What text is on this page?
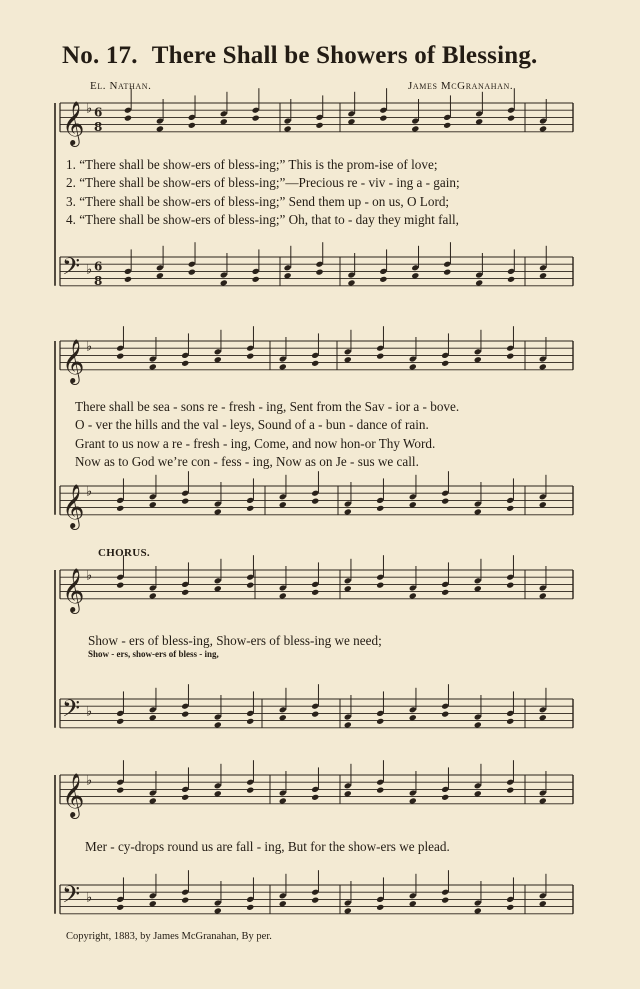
No. 17. There Shall be Showers of Blessing.
El. Nathan.	James McGranahan.
𝄞 ♭ 6
8
𝄢 ♭ 6
8
𝄞 ♭
𝄞 ♭
𝄞 ♭
𝄢 ♭
𝄞 ♭
𝄢 ♭
1. “There shall be show-ers of bless-ing;” This is the prom-ise of love;
2. “There shall be show-ers of bless-ing;”—Precious re - viv - ing a - gain;
3. “There shall be show-ers of bless-ing;” Send them up - on us, O Lord;
4. “There shall be show-ers of bless-ing;” Oh, that to - day they might fall,
There shall be sea - sons re - fresh - ing, Sent from the Sav - ior a - bove.
O - ver the hills and the val - leys, Sound of a - bun - dance of rain.
Grant to us now a re - fresh - ing, Come, and now hon-or Thy Word.
Now as to God we’re con - fess - ing, Now as on Je - sus we call.
CHORUS.
Show - ers of bless-ing, Show-ers of bless-ing we need;
Show - ers, show-ers of bless - ing,
Mer - cy-drops round us are fall - ing, But for the show-ers we plead.
Copyright, 1883, by James McGranahan, By per.
